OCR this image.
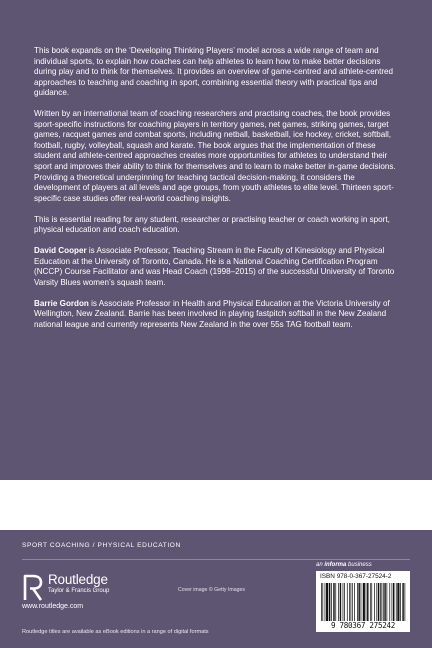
This book expands on the ‘Developing Thinking Players’ model across a wide range of team and individual sports, to explain how coaches can help athletes to learn how to make better decisions during play and to think for themselves. It provides an overview of game-centred and athlete-centred approaches to teaching and coaching in sport, combining essential theory with practical tips and guidance.

Written by an international team of coaching researchers and practising coaches, the book provides sport-specific instructions for coaching players in territory games, net games, striking games, target games, racquet games and combat sports, including netball, basketball, ice hockey, cricket, softball, football, rugby, volleyball, squash and karate. The book argues that the implementation of these student and athlete-centred approaches creates more opportunities for athletes to understand their sport and improves their ability to think for themselves and to learn to make better in-game decisions. Providing a theoretical underpinning for teaching tactical decision-making, it considers the development of players at all levels and age groups, from youth athletes to elite level. Thirteen sport-specific case studies offer real-world coaching insights.

This is essential reading for any student, researcher or practising teacher or coach working in sport, physical education and coach education.

David Cooper is Associate Professor, Teaching Stream in the Faculty of Kinesiology and Physical Education at the University of Toronto, Canada. He is a National Coaching Certification Program (NCCP) Course Facilitator and was Head Coach (1998–2015) of the successful University of Toronto Varsity Blues women’s squash team.

Barrie Gordon is Associate Professor in Health and Physical Education at the Victoria University of Wellington, New Zealand. Barrie has been involved in playing fastpitch softball in the New Zealand national league and currently represents New Zealand in the over 55s TAG football team.

SPORT COACHING / PHYSICAL EDUCATION
Routledge
Taylor & Francis Group
www.routledge.com
Cover image © Getty Images
an informa business
ISBN 978-0-367-27524-2
9 780367 275242
Routledge titles are available as eBook editions in a range of digital formats
